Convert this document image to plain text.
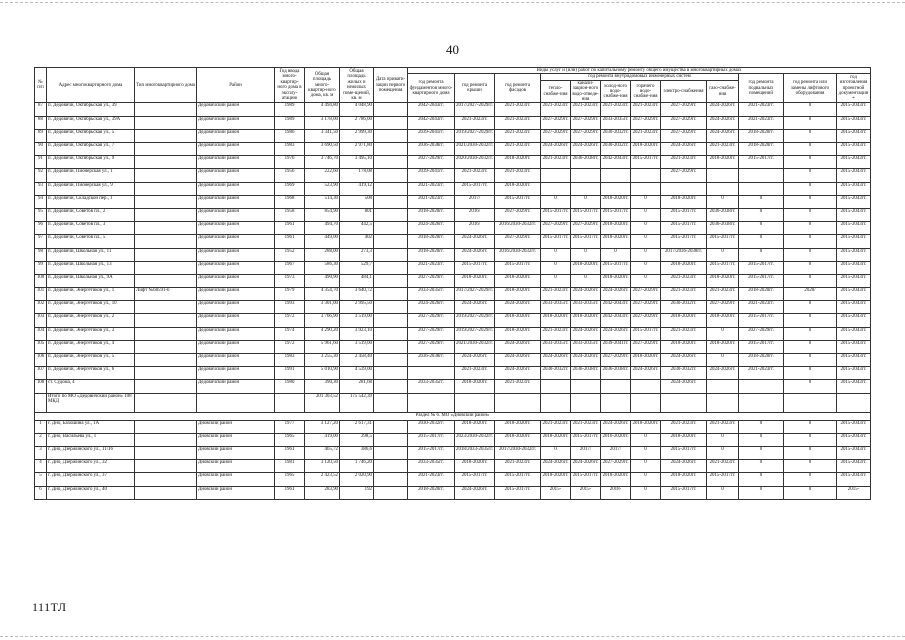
40
№ п/п	Адрес многоквартирного дома	Тип многоквартирного дома	Район	Год ввода много-квартир-ного дома в эксплу-атацию	Общая площадь много-квартир-ного дома, кв. м	Общая площадь жилых и нежилых поме-щений, кв. м	Дата привати-зации первого помещения	Виды услуг и (или) работ по капитальному ремонту общего имущества в многоквартирных домах											
								год ремонта фундаментов много-квартирного дома	год ремонта крыши	год ремонта фасадов	год ремонта внутридомовых инженерных систем						год ремонта подвальных помещений	год ремонта или замены лифтового оборудования	год изготовления проектной документации*
											тепло-снабже-ния	канали-зацион-ного водо-отведе-ния	холод-ного водо-снабже-ния	горячего водо-снабже-ния	электро-снабжения	газо-снабже-ния			
87	п. Дедовичи, Октябрьская ул., 39		Дедовичский район	1989	4 494,80	4 048,90		2042-2043гг.	2017/2027-2029гг.	2021-2023гг.	2021-2023гг.	2021-2023гг.	2021-2023гг.	2021-2023гг.	2027-2029гг.	2024-2026гг.	2021-2023гг.	0	2015-2043гг.
88	п. Дедовичи, Октябрьская ул., 39А		Дедовичский район	1989	3 178,00	2 786,00		2042-2043гг.	2021-2023гг.	2021-2023гг.	2027-2029гг.	2027-2029гг.	2033-2035гг.	2027-2029гг.	2027-2029гг.	2024-2026гг.	2021-2023гг.	0	2015-2043гг.
89	п. Дедовичи, Октябрьская ул., 5		Дедовичский район	1986	3 341,50	2 999,30		2039-2041гг.	2019/2027-2029гг.	2021-2023гг.	2027-2029гг.	2027-2029гг.	2030-2032гг.	2021-2023гг.	2027-2029гг.	2024-2026гг.	2018-2020гг.	0	2015-2043гг.
90	п. Дедовичи, Октябрьская ул., 7		Дедовичский район	1983	3 690,50	2 971,80		2036-2038гг.	2021/2030-2032гг.	2021-2023гг.	2024-2026гг.	2024-2026гг.	2030-2032гг.	2018-2020гг.	2024-2026гг.	2021-2023гг.	2018-2020гг.	0	2015-2043гг.
91	п. Дедовичи, Октябрьская ул., 9		Дедовичский район	1976	3 746,70	3 495,10		2027-2029гг.	2020/2030-2032гг.	2018-2020гг.	2021-2023гг.	2036-2038гг.	2042-2043гг.	2015-2017гг.	2021-2023гг.	2018-2020гг.	2015-2017гг.	0	2015-2043гг.
92	п. Дедовичи, Пионерская ул., 1		Дедовичский район	1956	222,60	178,08		2039-2041гг.	2021-2023гг.	2021-2023гг.					2027-2029гг.			0	2015-2043гг.
93	п. Дедовичи, Пионерская ул., 9		Дедовичский район	1969	523,90	419,12		2021-2023гг.	2015-2017гг.	2018-2020гг.								0	2015-2043гг.
94	п. Дедовичи, Складской пер., 1		Дедовичский район	1968	514,30	508		2021-2023гг.	2017/	2015-2017гг.	0	0	2018-2020гг.	0	2018-2020гг.	0	0	0	2015-2043гг.
95	п. Дедовичи, Советов пл., 2		Дедовичский район	1958	854,90	801		2018-2020гг.	2016/	2027-2029гг.	2015-2017гг.	2015-2017гг.	2015-2017гг.	0	2015-2017гг.	2036-2038гг.	0	0	2015-2043гг.
96	п. Дедовичи, Советов пл., 3		Дедовичский район	1961	494,70	442,5		2024-2026гг.	2016/	2016/2030-2032гг.	2027-2029гг.	2027-2029гг.	2018-2020гг.	0	2015-2017гг.	2036-2038гг.	0	0	2015-2043гг.
97	п. Дедовичи, Советов пл., 5		Дедовичский район	1961	449,00	402		2018-2020гг.	2024-2026гг.	2027-2029гг.	2015-2017гг.	2015-2017гг.	2018-2020гг.	0	2015-2017гг.	2015-2017гг.	0	0	2015-2043гг.
98	п. Дедовичи, Школьная ул., 11		Дедовичский район	1952	288,00	273,3		2018-2020гг.	2024-2026гг.	2016/2030-2032гг.	0	0	0	0	2017/2036-2038гг.	0	0	0	2015-2043гг.
99	п. Дедовичи, Школьная ул., 13		Дедовичский район	1967	586,30	529,7		2021-2023гг.	2015-2017гг.	2015-2017гг.	0	2018-2020гг.	2015-2017гг.	0	2018-2020гг.	2015-2017гг.	2015-2017гг.	0	2015-2043гг.
100	п. Дедовичи, Школьная ул., 9А		Дедовичский район	1973	490,90	484,1		2027-2029гг.	2018-2020гг.	2018-2020гг.	0	0	2018-2020гг.	0	2021-2023гг.	2018-2020гг.	2015-2017гг.	0	2015-2043гг.
101	п. Дедовичи, Энергетиков ул., 1	Лифт №68591-б	Дедовичский район	1979	4 354,70	3 640,72		2033-2035гг.	2017/2027-2029гг.	2018-2020гг.	2021-2023гг.	2024-2026гг.	2024-2026гг.	2027-2029гг.	2021-2023гг.	2021-2023гг.	2018-2020гг.	2020/	2015-2043гг.
102	п. Дедовичи, Энергетиков ул., 10		Дедовичский район	1993	3 301,00	2 995,50		2024-2026гг.	2024-2026гг.	2024-2026гг.	2033-2035гг.	2033-2035гг.	2042-2043гг.	2027-2029гг.	2030-2032гг.	2027-2029гг.	2021-2023гг.	0	2015-2043гг.
103	п. Дедовичи, Энергетиков ул., 2		Дедовичский район	1972	3 766,90	3 519,00		2027-2029гг.	2019/2027-2029гг.	2018-2020гг.	2018-2020гг.	2018-2020гг.	2042-2043гг.	2027-2029гг.	2018-2020гг.	2018-2020гг.	2015-2017гг.	0	2015-2043гг.
104	п. Дедовичи, Энергетиков ул., 3		Дедовичский район	1974	4 290,20	3 923,10		2027-2029гг.	2019/2027-2029гг.	2018-2020гг.	2021-2023гг.	2024-2026гг.	2024-2026гг.	2015-2017гг.	2021-2023гг.	0	2027-2029гг.	0	2015-2043гг.
105	п. Дедовичи, Энергетиков ул., 4		Дедовичский район	1972	5 961,60	3 519,00		2027-2029гг.	2021/2030-2032гг.	2024-2026гг.	2033-2035гг.	2033-2035гг.	2039-2041гг.	2027-2029гг.	2018-2020гг.	2018-2020гг.	2015-2017гг.	0	2015-2043гг.
106	п. Дедовичи, Энергетиков ул., 5		Дедовичский район	1983	3 255,30	2 458,40		2036-2038гг.	2024-2026гг.	2024-2026гг.	2024-2026гг.	2024-2026гг.	2027-2029гг.	2018-2020гг.	2024-2026гг.	0	2018-2020гг.	0	2015-2043гг.
107	п. Дедовичи, Энергетиков ул., 6		Дедовичский район	1991	5 010,90	4 539,00			2021-2023гг.	2024-2026гг.	2030-2032гг.	2036-2038гг.	2036-2038гг.	2024-2026гг.	2030-2032гг.	2024-2026гг.	2021-2023гг.	0	2015-2043гг.
108	ст. Судома, 4		Дедовичский район	1980	390,30	281,68		2033-2035гг.	2018-2020гг.	2021-2023гг.					2024-2026гг.			0	2015-2043гг.
	Итого по МО «Дедовичский район» 108 МКД				201 303,52	175 542,39													
Раздел № 6. МО «Дновский район»																			
1	г. Дно, Бахошина ул., 1А		Дновский район	1977	3 127,20	2 617,31		2030-2032гг.	2018-2020гг.	2018-2020гг.	2021-2023гг.	2021-2023гг.	2024-2026гг.	2018-2020гг.	2021-2023гг.	2021-2023гг.	0	0	2015-2043гг.
2	г. Дно, Васильева ул., 1		Дновский район	1965	419,00	298,5		2015-2017гг.	2023/2030-2032гг.	2018-2020гг.	2018-2020гг.	2015-2017гг.	2016-2020гг.	0	2018-2020гг.	0	0	0	2015-2043гг.
3	г. Дно, Дзержинского ул., 11/16		Дновский район	1961	465,72	386,6		2015-2017гг.	2018/2033-2035гг.	2017/2030-2032гг.	0	2017/	2017/	0	2015-2017гг.	0	0	0	2015-2043гг.
4	г. Дно, Дзержинского ул., 32		Дновский район	1981	3 120,50	1 746,20		2033-2035гг.	2018-2020гг.	2021-2023гг.	2024-2026гг.	2024-2026гг.	2027-2029гг.	0	2024-2026гг.	2021-2023гг.	0	0	2015-2043гг.
5	г. Дно, Дзержинского ул., 37		Дновский район	1965	2 423,52	2 020,90		2021-2023гг.	2015-2017гг.	2015-2017гг.	2018-2020гг.	2015-2017гг.	2018-2020гг.	0	2018-2020гг.	2015-2017гг.	0	0	2015-2043гг.
6	г. Дно, Дзержинского ул., 40		Дновский район	1961	283,90	192		2018-2020гг.	2024-2026гг.	2015-2017гг.	2015-	2015-	2018-	0	2015-2017гг.	0	0	0	2015-
111ТЛ
